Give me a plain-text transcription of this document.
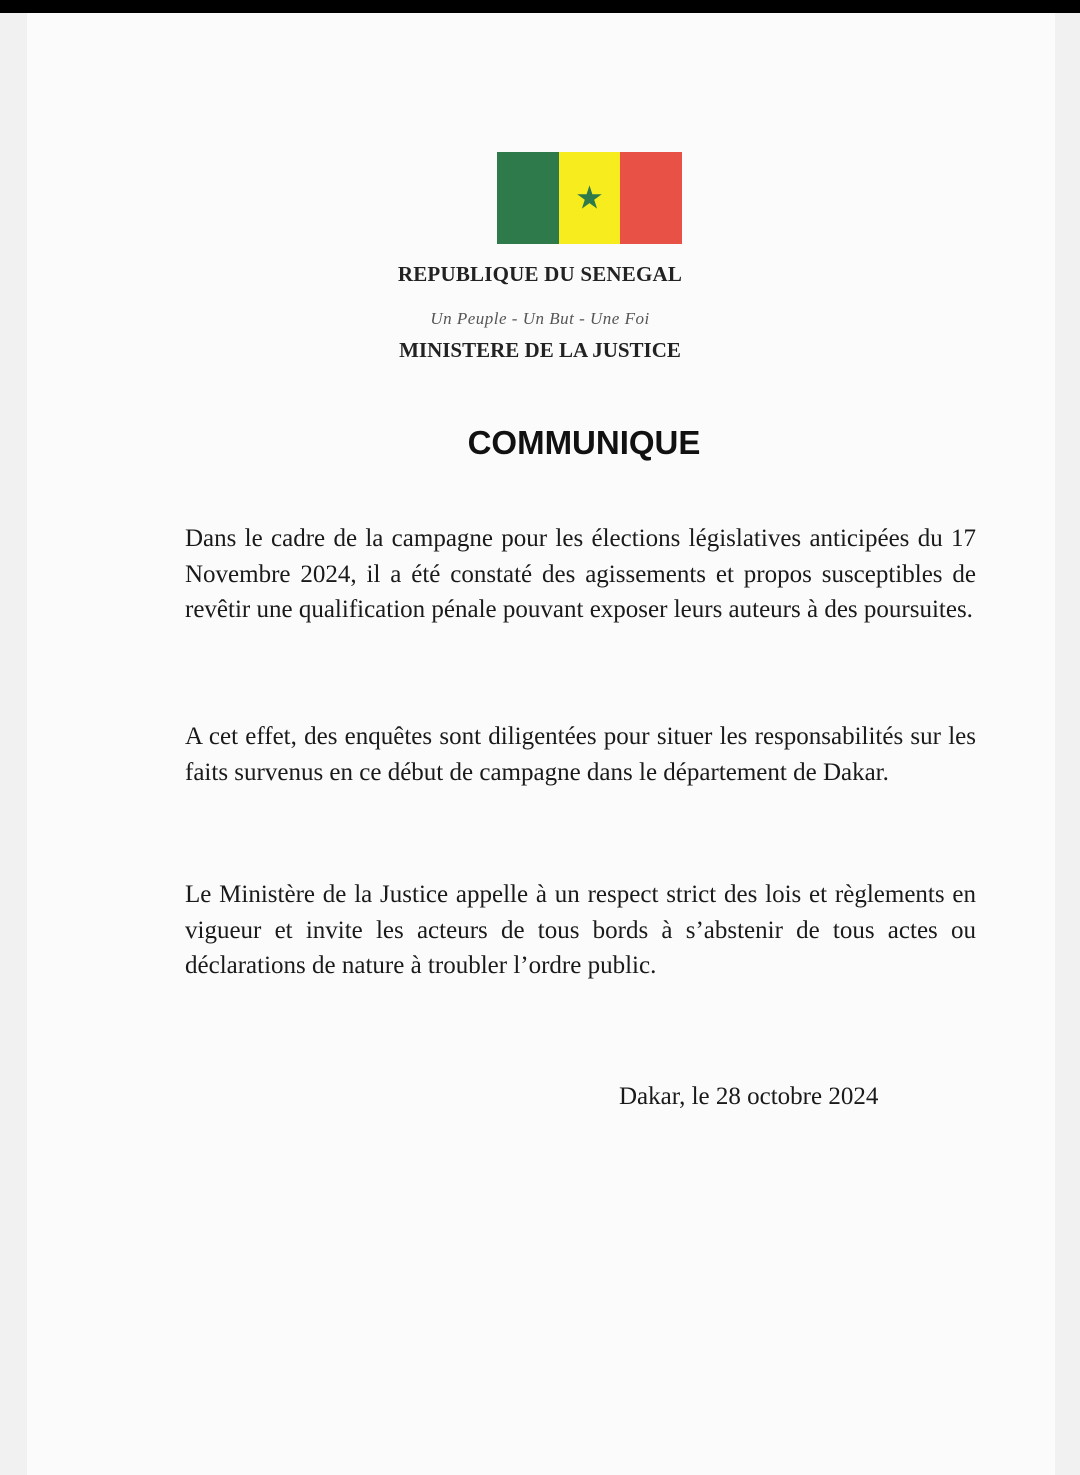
★
REPUBLIQUE DU SENEGAL
Un Peuple - Un But - Une Foi
MINISTERE DE LA JUSTICE
COMMUNIQUE

Dans le cadre de la campagne pour les élections législatives anticipées du 17 Novembre 2024, il a été constaté des agissements et propos susceptibles de revêtir une qualification pénale pouvant exposer leurs auteurs à des poursuites.

A cet effet, des enquêtes sont diligentées pour situer les responsabilités sur les faits survenus en ce début de campagne dans le département de Dakar.

Le Ministère de la Justice appelle à un respect strict des lois et règlements en vigueur et invite les acteurs de tous bords à s’abstenir de tous actes ou déclarations de nature à troubler l’ordre public.

Dakar, le 28 octobre 2024
